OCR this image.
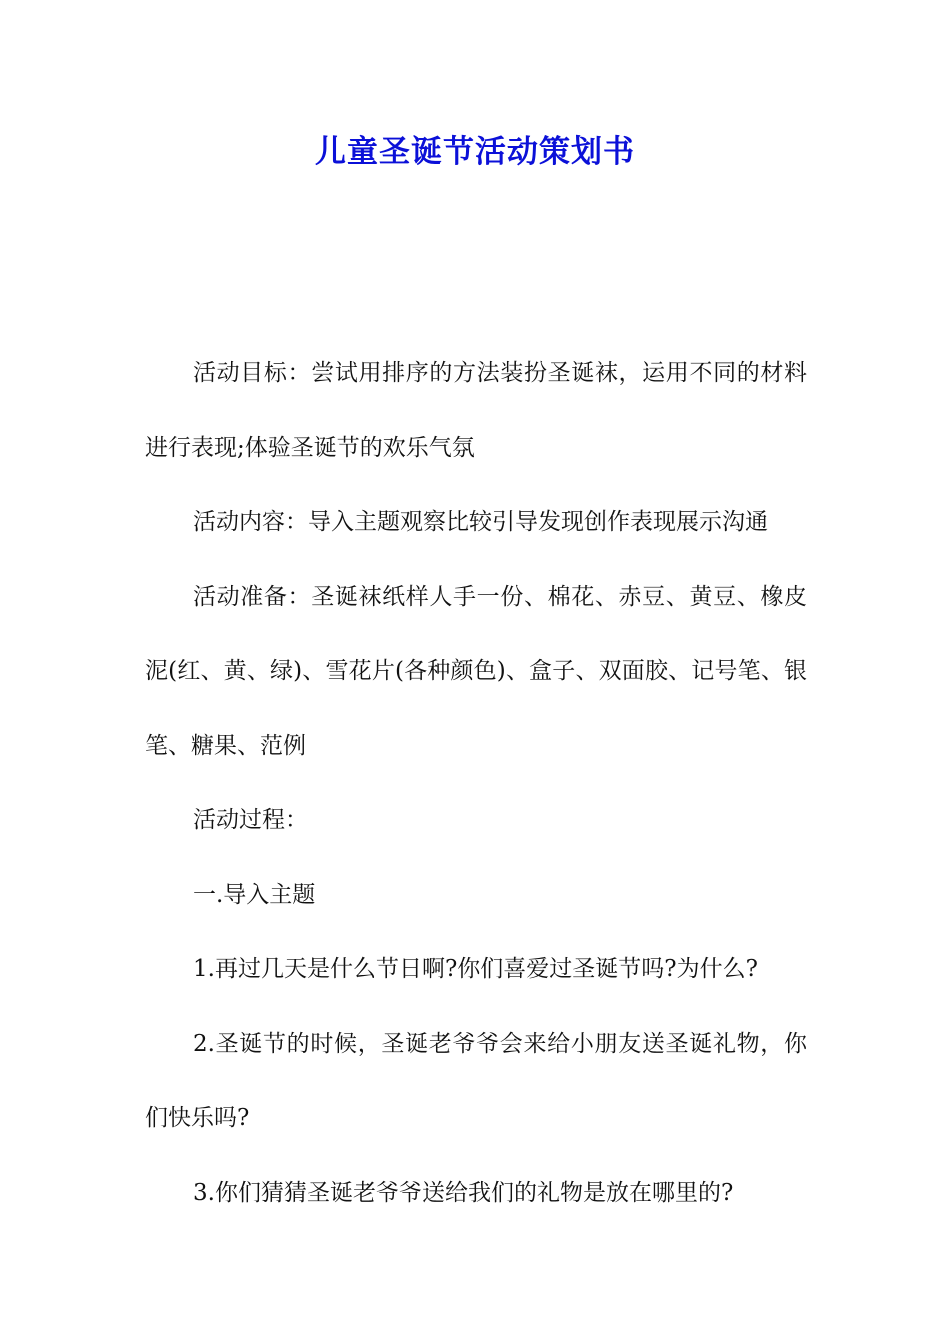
儿童圣诞节活动策划书

活动目标：尝试用排序的方法装扮圣诞袜，运用不同的材料进行表现;体验圣诞节的欢乐气氛

活动内容：导入主题观察比较引导发现创作表现展示沟通

活动准备：圣诞袜纸样人手一份、棉花、赤豆、黄豆、橡皮泥(红、黄、绿)、雪花片(各种颜色)、盒子、双面胶、记号笔、银笔、糖果、范例

活动过程：

一.导入主题

1.再过几天是什么节日啊?你们喜爱过圣诞节吗?为什么?

2.圣诞节的时候，圣诞老爷爷会来给小朋友送圣诞礼物，你们快乐吗?

3.你们猜猜圣诞老爷爷送给我们的礼物是放在哪里的?
